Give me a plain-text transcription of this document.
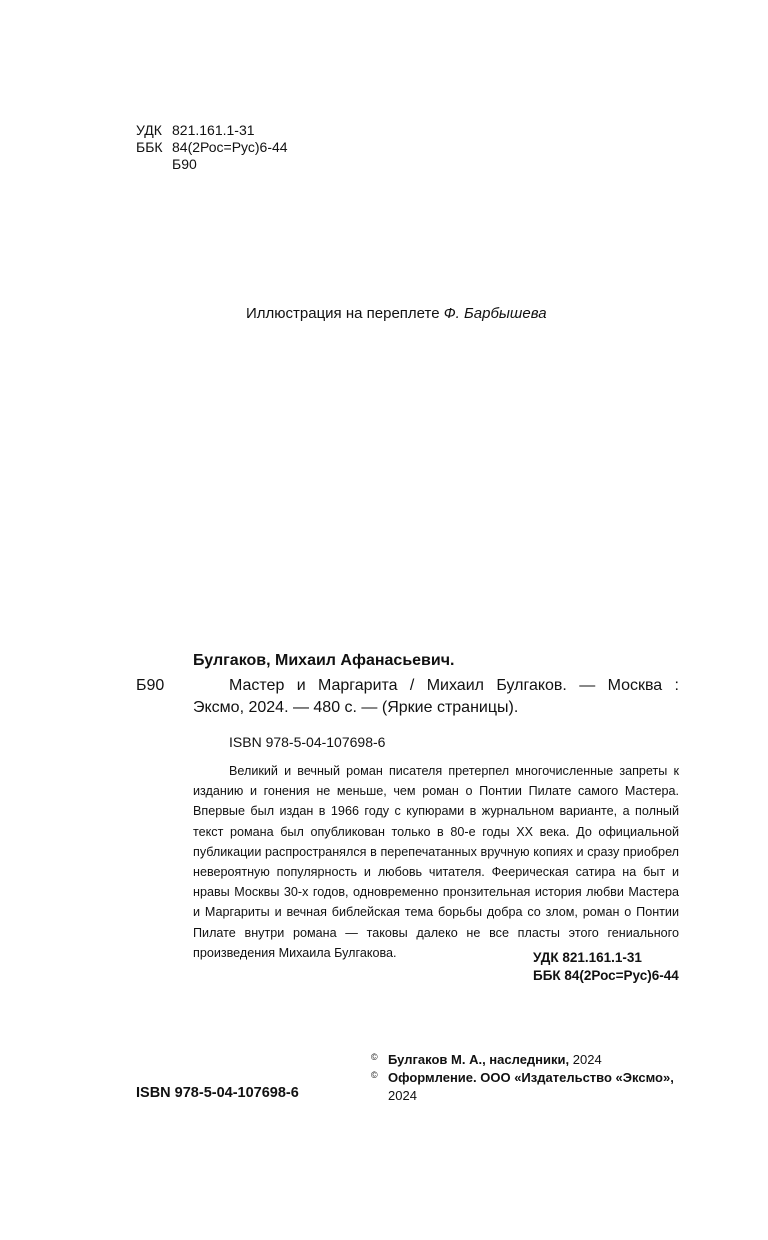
УДК 821.161.1-31
ББК 84(2Рос=Рус)6-44
Б90
Иллюстрация на переплете Ф. Барбышева
Булгаков, Михаил Афанасьевич.
Б90	Мастер и Маргарита / Михаил Булгаков. — Москва :
Эксмо, 2024. — 480 с. — (Яркие страницы).
ISBN 978-5-04-107698-6
Великий и вечный роман писателя претерпел многочисленные запреты к изданию и гонения не меньше, чем роман о Понтии Пилате самого Мастера. Впервые был издан в 1966 году с купюрами в журнальном варианте, а полный текст романа был опубликован только в 80-е годы XX века. До официальной публикации распространялся в перепечатанных вручную копиях и сразу приобрел невероятную популярность и любовь читателя. Феерическая сатира на быт и нравы Москвы 30-х годов, одновременно пронзительная история любви Мастера и Маргариты и вечная библейская тема борьбы добра со злом, роман о Понтии Пилате внутри романа — таковы далеко не все пласты этого гениального произведения Михаила Булгакова.	УДК 821.161.1-31
ББК 84(2Рос=Рус)6-44
© Булгаков М. А., наследники, 2024
© Оформление. ООО «Издательство «Эксмо»,
2024
ISBN 978-5-04-107698-6
